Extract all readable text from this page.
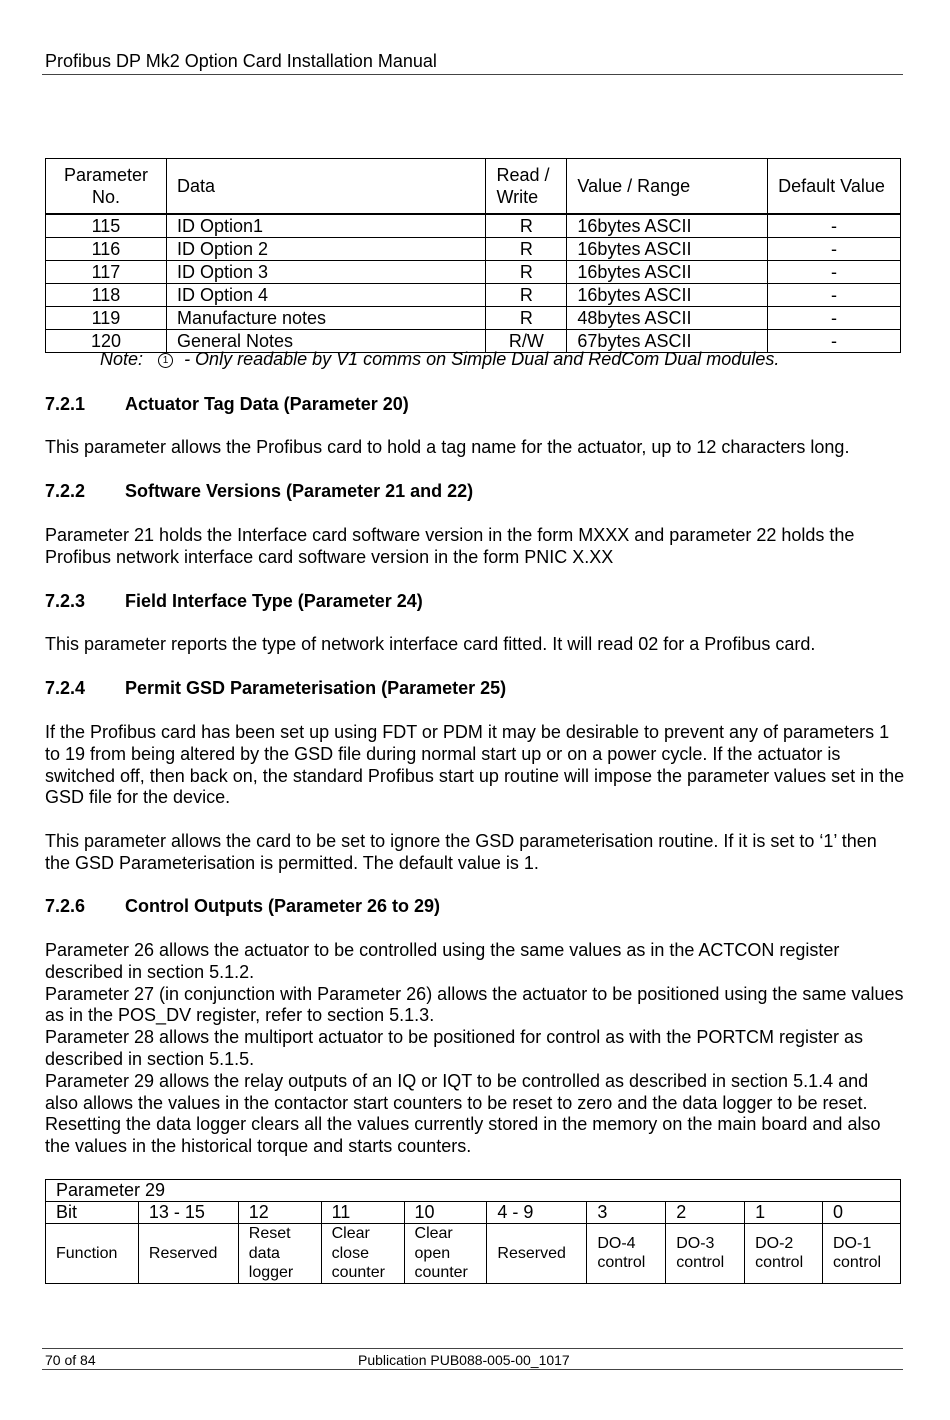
Profibus DP Mk2 Option Card Installation Manual
Parameter No.	Data	Read / Write	Value / Range	Default Value
115	ID Option1	R	16bytes ASCII	-
116	ID Option 2	R	16bytes ASCII	-
117	ID Option 3	R	16bytes ASCII	-
118	ID Option 4	R	16bytes ASCII	-
119	Manufacture notes	R	48bytes ASCII	-
120	General Notes	R/W	67bytes ASCII	-
Note: 1 - Only readable by V1 comms on Simple Dual and RedCom Dual modules.
7.2.1 Actuator Tag Data (Parameter 20)
This parameter allows the Profibus card to hold a tag name for the actuator, up to 12 characters long.
7.2.2 Software Versions (Parameter 21 and 22)
Parameter 21 holds the Interface card software version in the form MXXX and parameter 22 holds the Profibus network interface card software version in the form PNIC X.XX
7.2.3 Field Interface Type (Parameter 24)
This parameter reports the type of network interface card fitted. It will read 02 for a Profibus card.
7.2.4 Permit GSD Parameterisation (Parameter 25)
If the Profibus card has been set up using FDT or PDM it may be desirable to prevent any of parameters 1 to 19 from being altered by the GSD file during normal start up or on a power cycle. If the actuator is switched off, then back on, the standard Profibus start up routine will impose the parameter values set in the GSD file for the device.
This parameter allows the card to be set to ignore the GSD parameterisation routine. If it is set to ‘1’ then the GSD Parameterisation is permitted. The default value is 1.
7.2.6 Control Outputs (Parameter 26 to 29)
Parameter 26 allows the actuator to be controlled using the same values as in the ACTCON register described in section 5.1.2.
Parameter 27 (in conjunction with Parameter 26) allows the actuator to be positioned using the same values as in the POS_DV register, refer to section 5.1.3.
Parameter 28 allows the multiport actuator to be positioned for control as with the PORTCM register as described in section 5.1.5.
Parameter 29 allows the relay outputs of an IQ or IQT to be controlled as described in section 5.1.4 and also allows the values in the contactor start counters to be reset to zero and the data logger to be reset. Resetting the data logger clears all the values currently stored in the memory on the main board and also the values in the historical torque and starts counters.
Parameter 29									
Bit	13 - 15	12	11	10	4 - 9	3	2	1	0
Function	Reserved	Reset data logger	Clear close counter	Clear open counter	Reserved	DO-4 control	DO-3 control	DO-2 control	DO-1 control
70 of 84	Publication PUB088-005-00_1017
